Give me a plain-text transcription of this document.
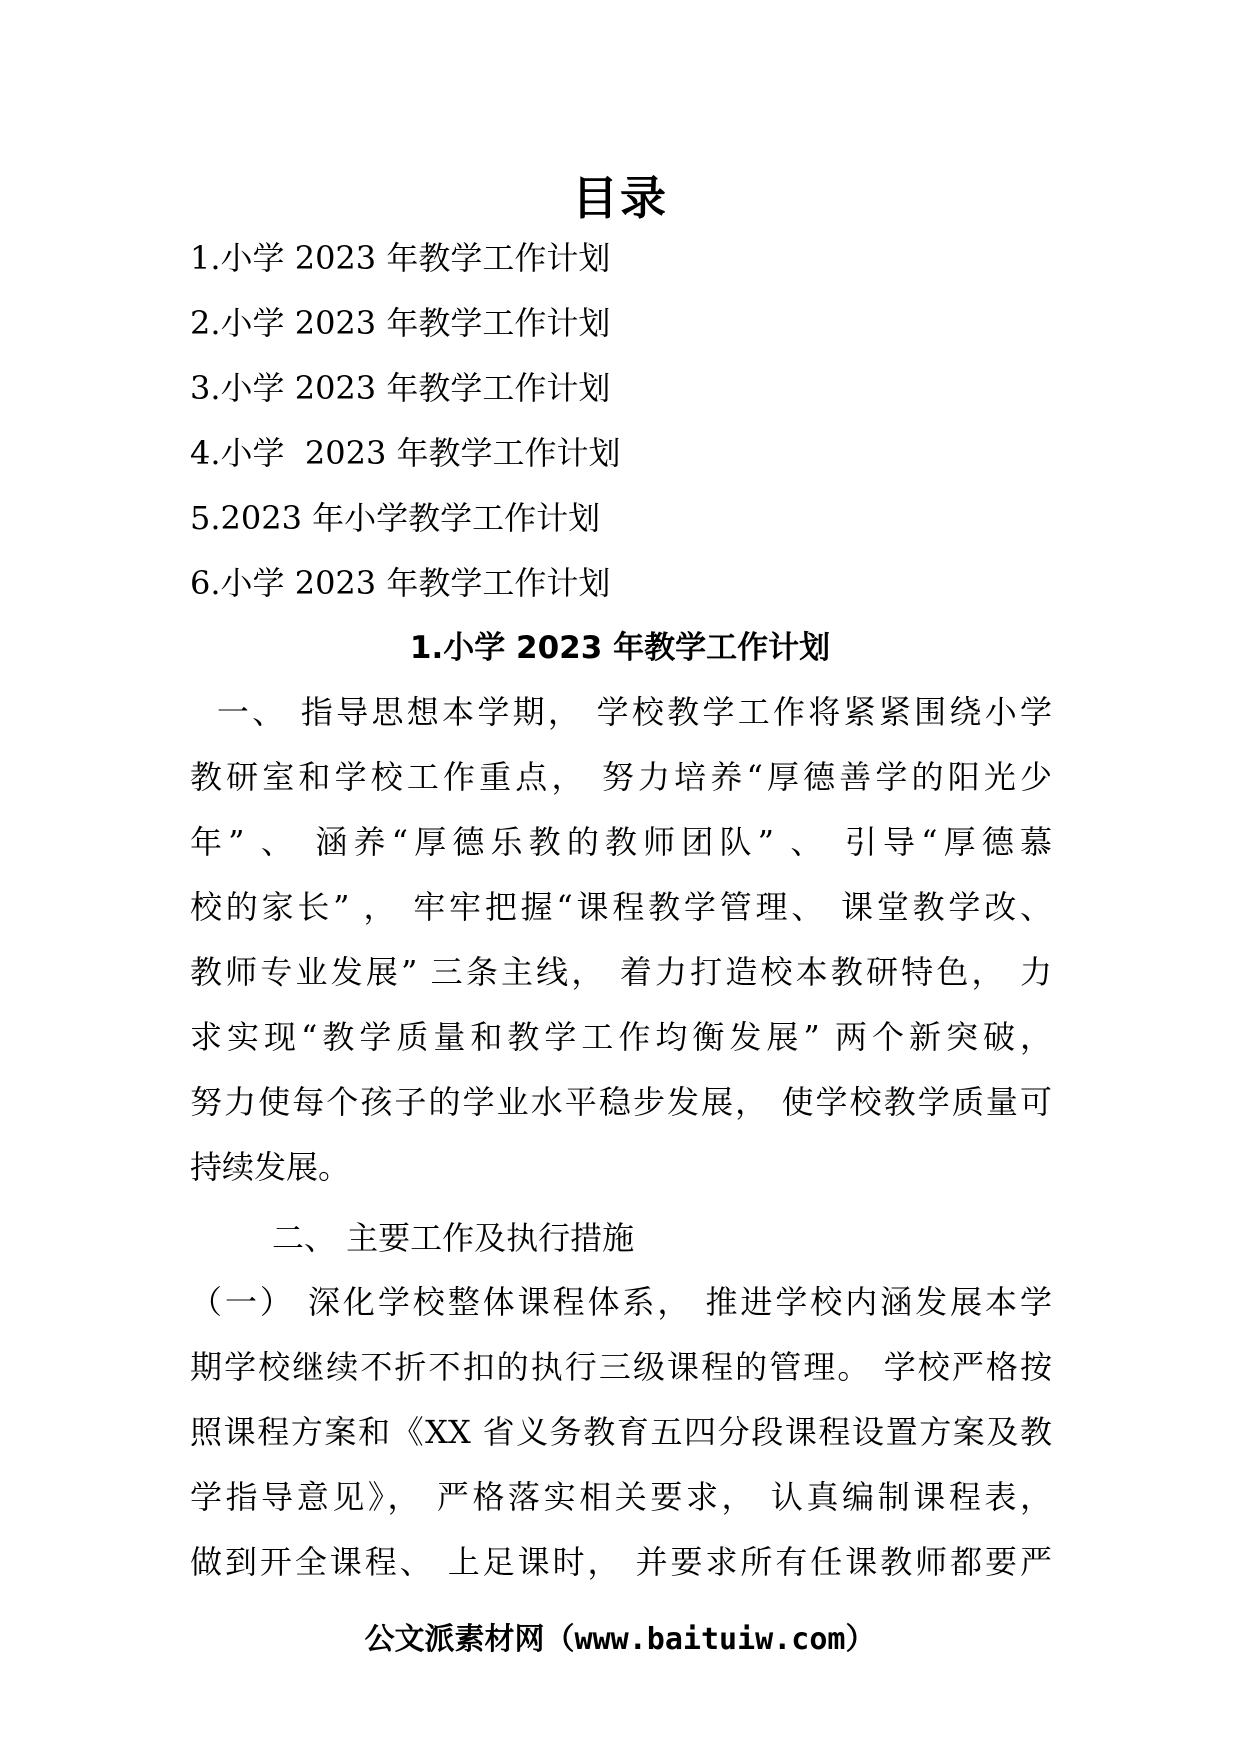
目录
1.小学 2023 年教学工作计划
2.小学 2023 年教学工作计划
3.小学 2023 年教学工作计划
4.小学  2023 年教学工作计划
5.2023 年小学教学工作计划
6.小学 2023 年教学工作计划
1.小学 2023 年教学工作计划
一、 指导思想本学期， 学校教学工作将紧紧围绕小学
教研室和学校工作重点， 努力培养“厚德善学的阳光少
年” 、 涵养“厚德乐教的教师团队” 、 引导“厚德慕
校的家长” ， 牢牢把握“课程教学管理、 课堂教学改、
教师专业发展” 三条主线， 着力打造校本教研特色， 力
求实现“教学质量和教学工作均衡发展” 两个新突破，
努力使每个孩子的学业水平稳步发展， 使学校教学质量可
持续发展。
二、 主要工作及执行措施
（一） 深化学校整体课程体系， 推进学校内涵发展本学
期学校继续不折不扣的执行三级课程的管理。 学校严格按
照课程方案和《XX 省义务教育五四分段课程设置方案及教
学指导意见》， 严格落实相关要求， 认真编制课程表，
做到开全课程、 上足课时， 并要求所有任课教师都要严
公文派素材网（www.baituiw.com）
